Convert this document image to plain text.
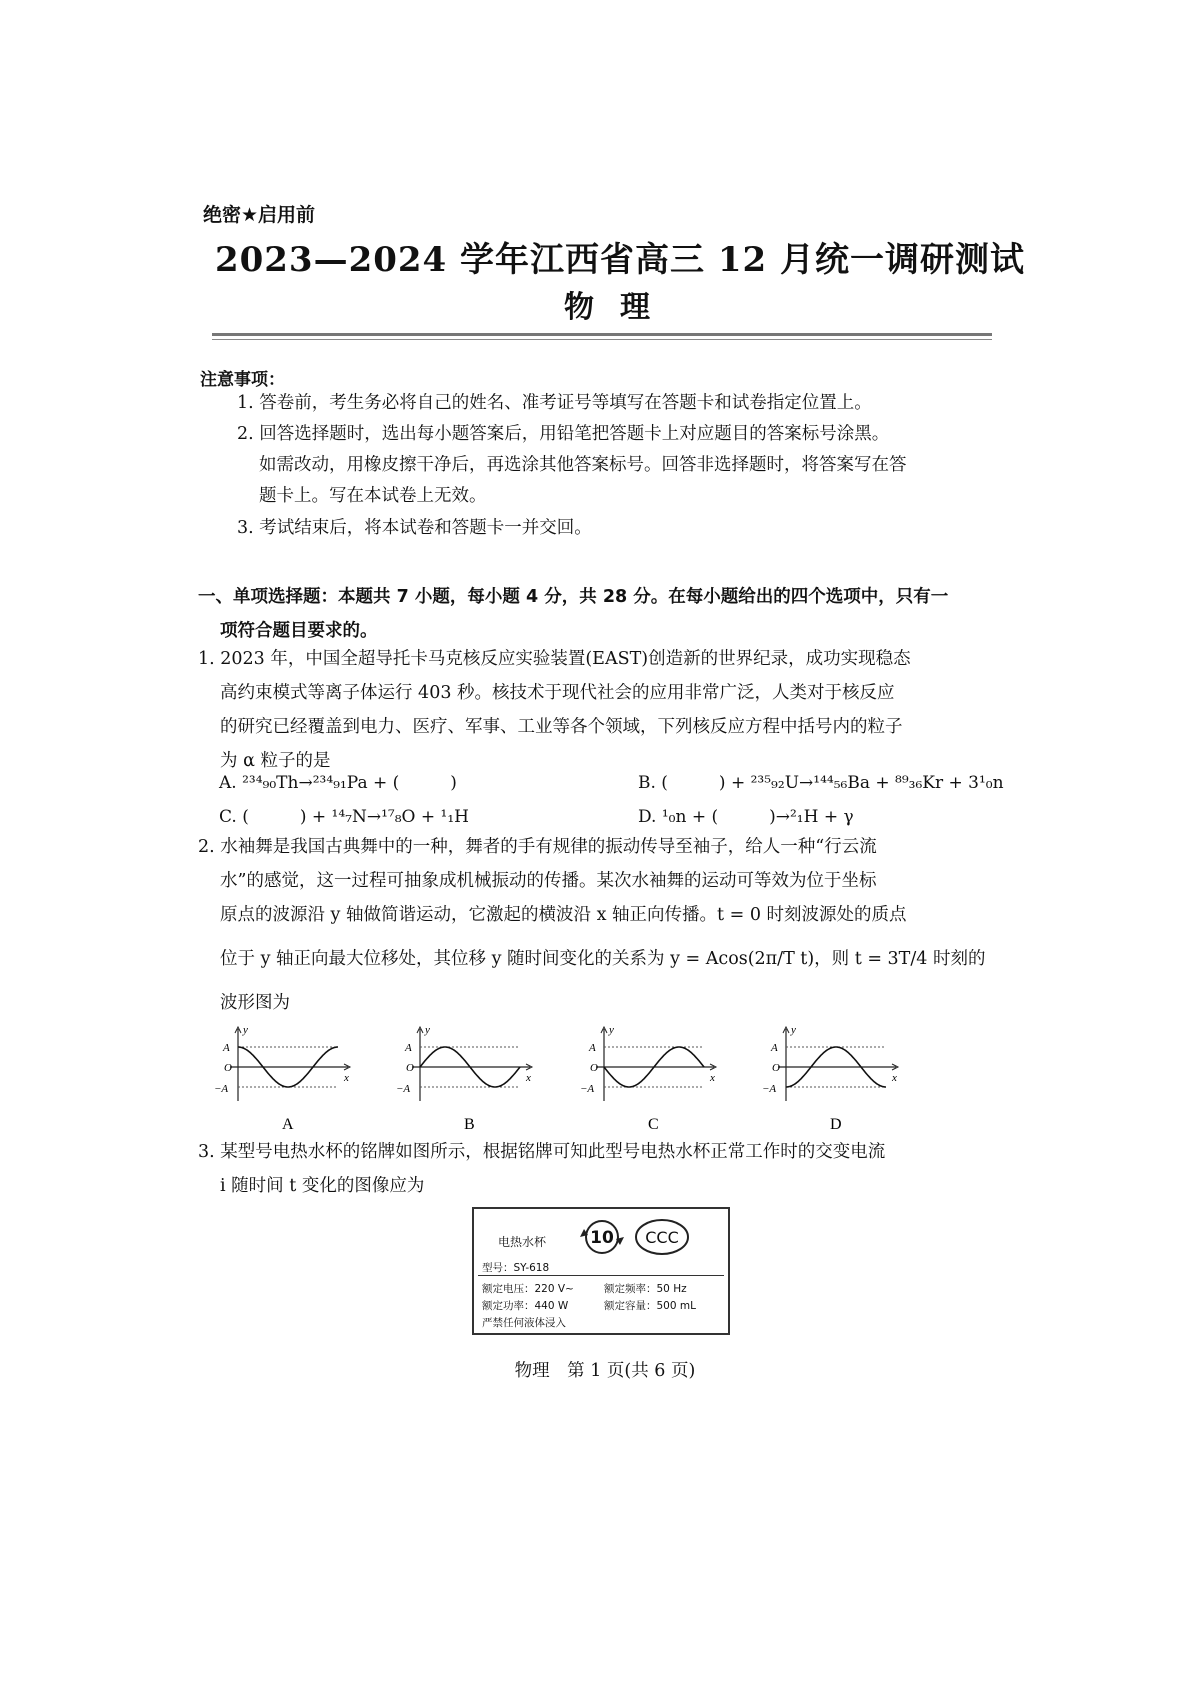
绝密★启用前
2023—2024 学年江西省高三 12 月统一调研测试
物理
注意事项：
1. 答卷前，考生务必将自己的姓名、准考证号等填写在答题卡和试卷指定位置上。
2. 回答选择题时，选出每小题答案后，用铅笔把答题卡上对应题目的答案标号涂黑。
如需改动，用橡皮擦干净后，再选涂其他答案标号。回答非选择题时，将答案写在答
题卡上。写在本试卷上无效。
3. 考试结束后，将本试卷和答题卡一并交回。
一、单项选择题：本题共 7 小题，每小题 4 分，共 28 分。在每小题给出的四个选项中，只有一
项符合题目要求的。
1. 2023 年，中国全超导托卡马克核反应实验装置(EAST)创造新的世界纪录，成功实现稳态
高约束模式等离子体运行 403 秒。核技术于现代社会的应用非常广泛，人类对于核反应
的研究已经覆盖到电力、医疗、军事、工业等各个领域，下列核反应方程中括号内的粒子
为 α 粒子的是
A. ²³⁴₉₀Th→²³⁴₉₁Pa + (　　　)	B. (　　　) + ²³⁵₉₂U→¹⁴⁴₅₆Ba + ⁸⁹₃₆Kr + 3¹₀n
C. (　　　) + ¹⁴₇N→¹⁷₈O + ¹₁H	D. ¹₀n + (　　　)→²₁H + γ
2. 水袖舞是我国古典舞中的一种，舞者的手有规律的振动传导至袖子，给人一种“行云流
水”的感觉，这一过程可抽象成机械振动的传播。某次水袖舞的运动可等效为位于坐标
原点的波源沿 y 轴做简谐运动，它激起的横波沿 x 轴正向传播。t = 0 时刻波源处的质点
位于 y 轴正向最大位移处，其位移 y 随时间变化的关系为 y = Acos(2π/T t)，则 t = 3T/4 时刻的
波形图为
y
x
A
O
−A
A
y
x
A
O
−A
B
y
x
A
O
−A
C
y
x
A
O
−A
D
3. 某型号电热水杯的铭牌如图所示，根据铭牌可知此型号电热水杯正常工作时的交变电流
i 随时间 t 变化的图像应为
电热水杯	10 CCC
型号：SY-618
额定电压：220 V~	额定频率：50 Hz
额定功率：440 W	额定容量：500 mL
严禁任何液体浸入
物理　第 1 页(共 6 页)
